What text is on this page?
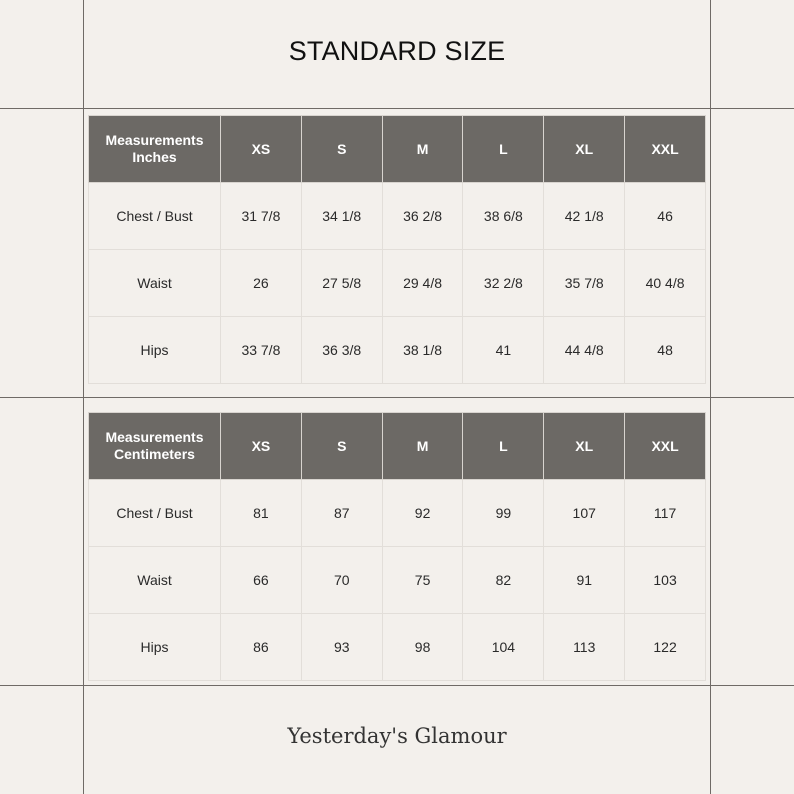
STANDARD SIZE
Measurements
Inches	XS	S	M	L	XL	XXL
Chest / Bust	31 7/8	34 1/8	36 2/8	38 6/8	42 1/8	46
Waist	26	27 5/8	29 4/8	32 2/8	35 7/8	40 4/8
Hips	33 7/8	36 3/8	38 1/8	41	44 4/8	48
Measurements
Centimeters	XS	S	M	L	XL	XXL
Chest / Bust	81	87	92	99	107	117
Waist	66	70	75	82	91	103
Hips	86	93	98	104	113	122
Yesterday's Glamour
